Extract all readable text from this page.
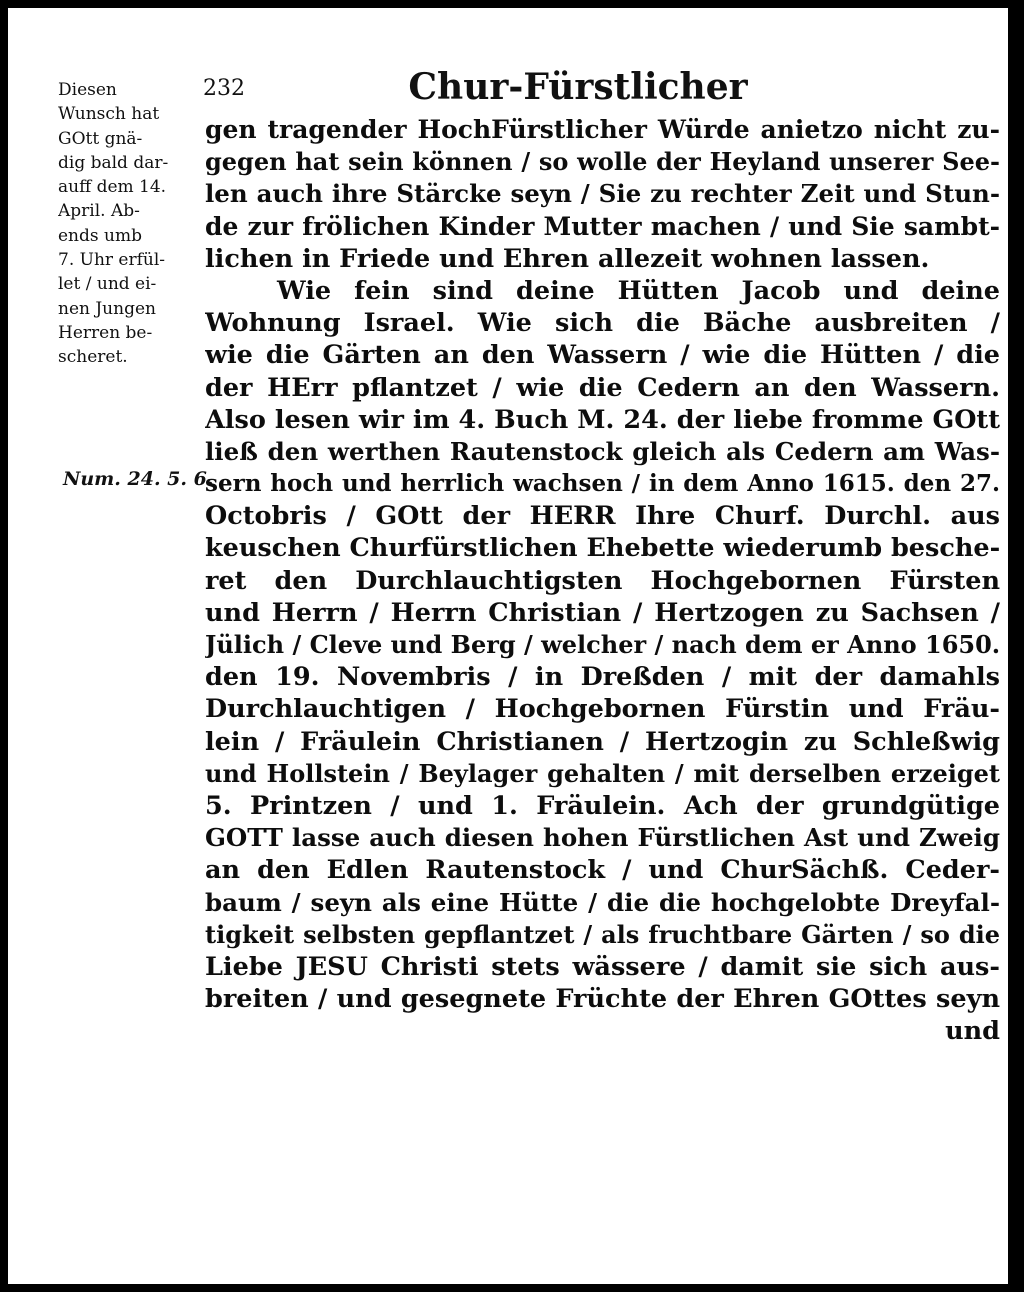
232	Chur-Fürstlicher
Diesen
Wunsch hat
GOtt gnä-
dig bald dar-
auff dem 14.
April. Ab-
ends umb
7. Uhr erfül-
let / und ei-
nen Jungen
Herren be-
scheret.
Num. 24. 5. 6.
gen tragender HochFürstlicher Würde anietzo nicht zu-
gegen hat sein können / so wolle der Heyland unserer See-
len auch ihre Stärcke seyn / Sie zu rechter Zeit und Stun-
de zur frölichen Kinder Mutter machen / und Sie sambt-
lichen in Friede und Ehren allezeit wohnen lassen.
Wie fein sind deine Hütten Jacob und deine
Wohnung Israel. Wie sich die Bäche ausbreiten /
wie die Gärten an den Wassern / wie die Hütten / die
der HErr pflantzet / wie die Cedern an den Wassern.
Also lesen wir im 4. Buch M. 24. der liebe fromme GOtt
ließ den werthen Rautenstock gleich als Cedern am Was-
sern hoch und herrlich wachsen / in dem Anno 1615. den 27.
Octobris / GOtt der HERR Ihre Churf. Durchl. aus
keuschen Churfürstlichen Ehebette wiederumb besche-
ret den Durchlauchtigsten Hochgebornen Fürsten
und Herrn / Herrn Christian / Hertzogen zu Sachsen /
Jülich / Cleve und Berg / welcher / nach dem er Anno 1650.
den 19. Novembris / in Dreßden / mit der damahls
Durchlauchtigen / Hochgebornen Fürstin und Fräu-
lein / Fräulein Christianen / Hertzogin zu Schleßwig
und Hollstein / Beylager gehalten / mit derselben erzeiget
5. Printzen / und 1. Fräulein. Ach der grundgütige
GOTT lasse auch diesen hohen Fürstlichen Ast und Zweig
an den Edlen Rautenstock / und ChurSächß. Ceder-
baum / seyn als eine Hütte / die die hochgelobte Dreyfal-
tigkeit selbsten gepflantzet / als fruchtbare Gärten / so die
Liebe JESU Christi stets wässere / damit sie sich aus-
breiten / und gesegnete Früchte der Ehren GOttes seyn
und
